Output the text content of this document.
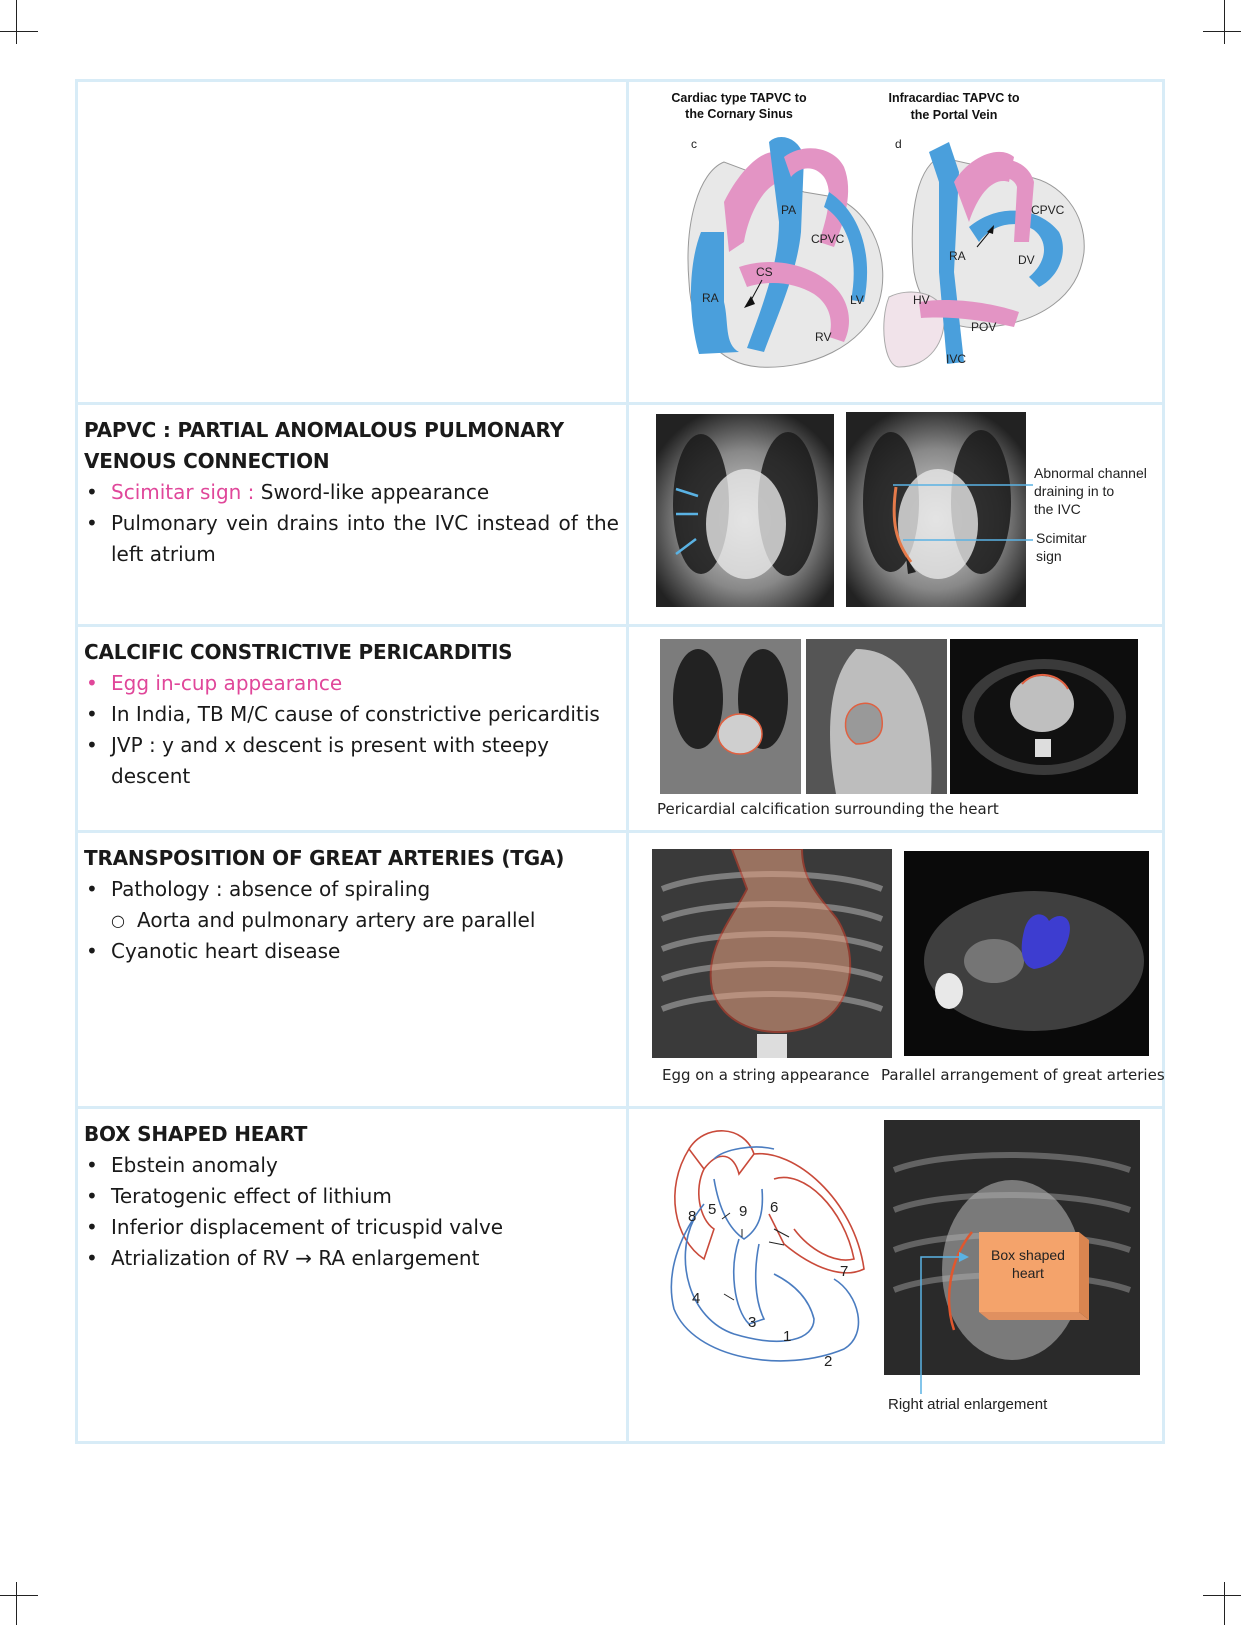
Cardiac type TAPVC to
the Cornary Sinus
Infracardiac TAPVC to
the Portal Vein
c	d
PA
CPVC
CS
RA	LV
RV
CPVC
RA	DV
HV
POV
IVC
PAPVC : PARTIAL ANOMALOUS PULMONARY
VENOUS CONNECTION
• Scimitar sign : Sword-like appearance
• Pulmonary vein drains into the IVC instead of the left atrium
Abnormal channel
draining in to
the IVC
Scimitar
sign
CALCIFIC CONSTRICTIVE PERICARDITIS
• Egg in-cup appearance
• In India, TB M/C cause of constrictive pericarditis
• JVP : y and x descent is present with steepy descent
Pericardial calcification surrounding the heart
TRANSPOSITION OF GREAT ARTERIES (TGA)
• Pathology : absence of spiraling
○ Aorta and pulmonary artery are parallel
• Cyanotic heart disease
Egg on a string appearance Parallel arrangement of great arteries
BOX SHAPED HEART
• Ebstein anomaly
• Teratogenic effect of lithium
• Inferior displacement of tricuspid valve
• Atrialization of RV → RA enlargement
1
2
3
4
5	6
7
8	9
Box shaped
heart
Right atrial enlargement
